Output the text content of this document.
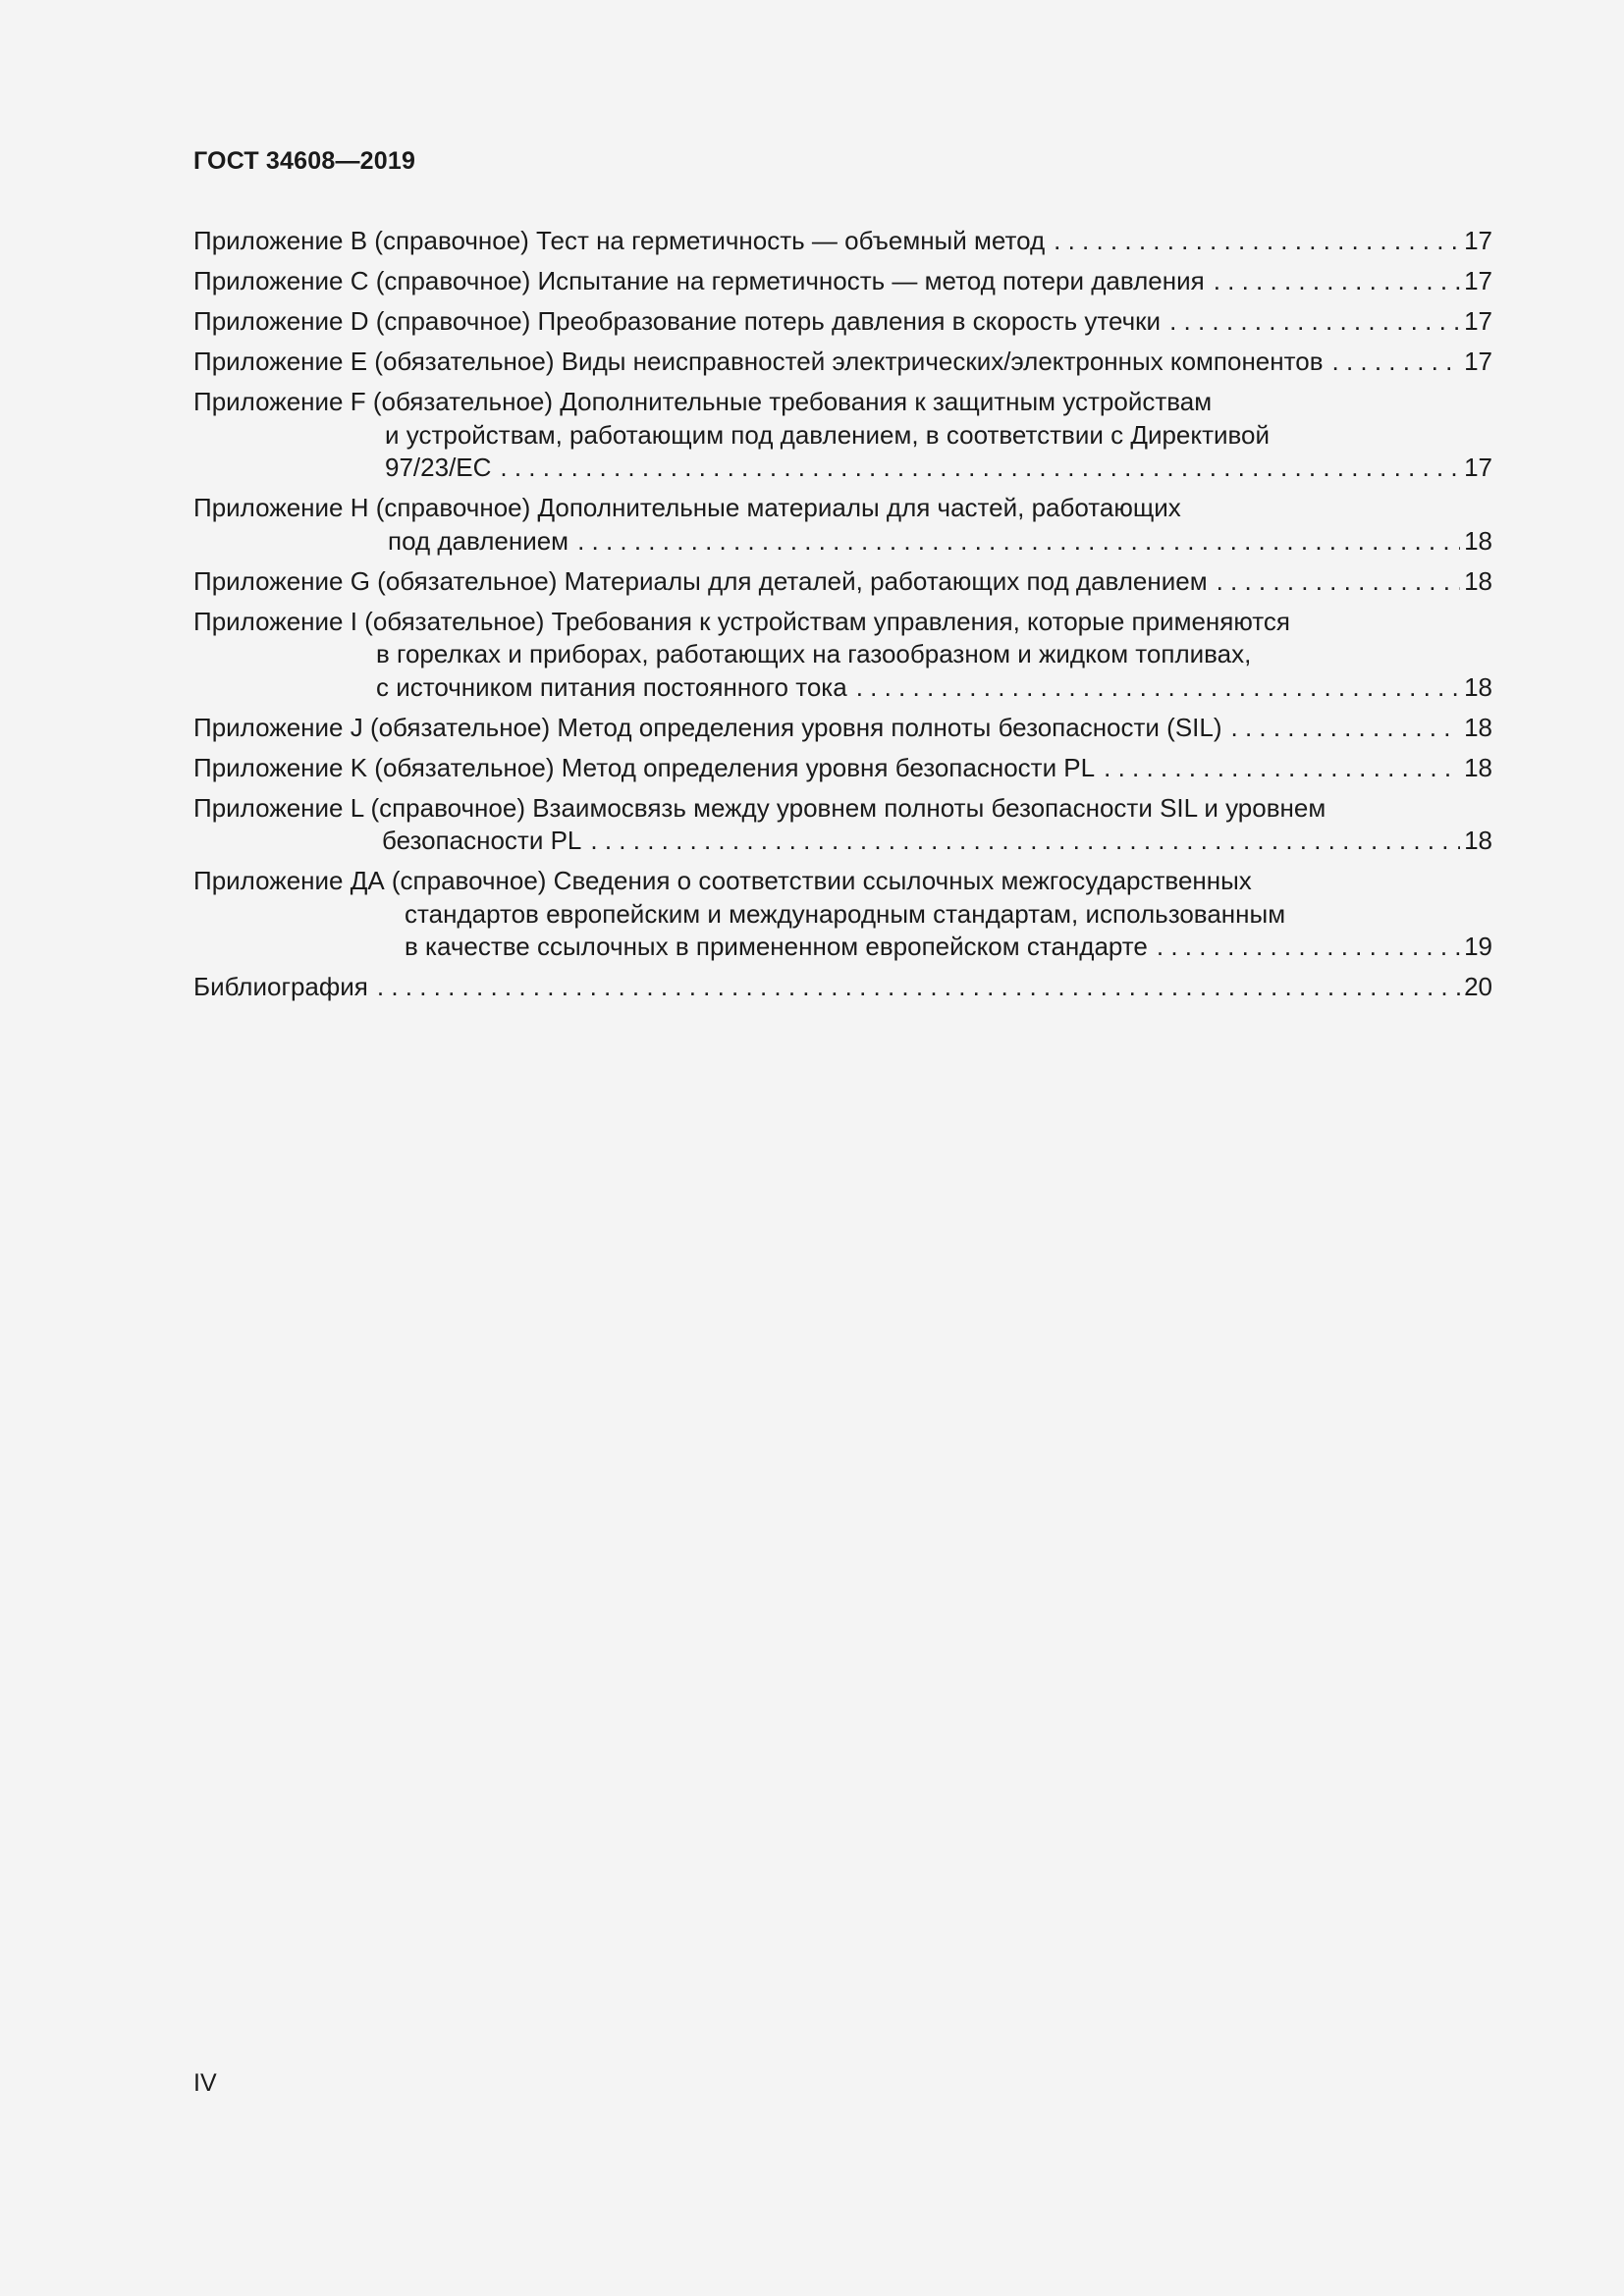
ГОСТ 34608—2019
Приложение В (справочное) Тест на герметичность — объемный метод . . .	17
Приложение С (справочное) Испытание на герметичность — метод потери давления . . .	17
Приложение D (справочное) Преобразование потерь давления в скорость утечки . . .	17
Приложение Е (обязательное) Виды неисправностей электрических/электронных компонентов . . .	17
Приложение F (обязательное) Дополнительные требования к защитным устройствам
и устройствам, работающим под давлением, в соответствии с Директивой
97/23/ЕС . . .	17
Приложение Н (справочное) Дополнительные материалы для частей, работающих
под давлением . . .	18
Приложение G (обязательное) Материалы для деталей, работающих под давлением . . .	18
Приложение I (обязательное) Требования к устройствам управления, которые применяются
в горелках и приборах, работающих на газообразном и жидком топливах,
с источником питания постоянного тока . . .	18
Приложение J (обязательное) Метод определения уровня полноты безопасности (SIL) . . .	18
Приложение K (обязательное) Метод определения уровня безопасности PL . . .	18
Приложение L (справочное) Взаимосвязь между уровнем полноты безопасности SIL и уровнем
безопасности PL . . .	18
Приложение ДА (справочное) Сведения о соответствии ссылочных межгосударственных
стандартов европейским и международным стандартам, использованным
в качестве ссылочных в примененном европейском стандарте . . .	19
Библиография . . .	20
IV
